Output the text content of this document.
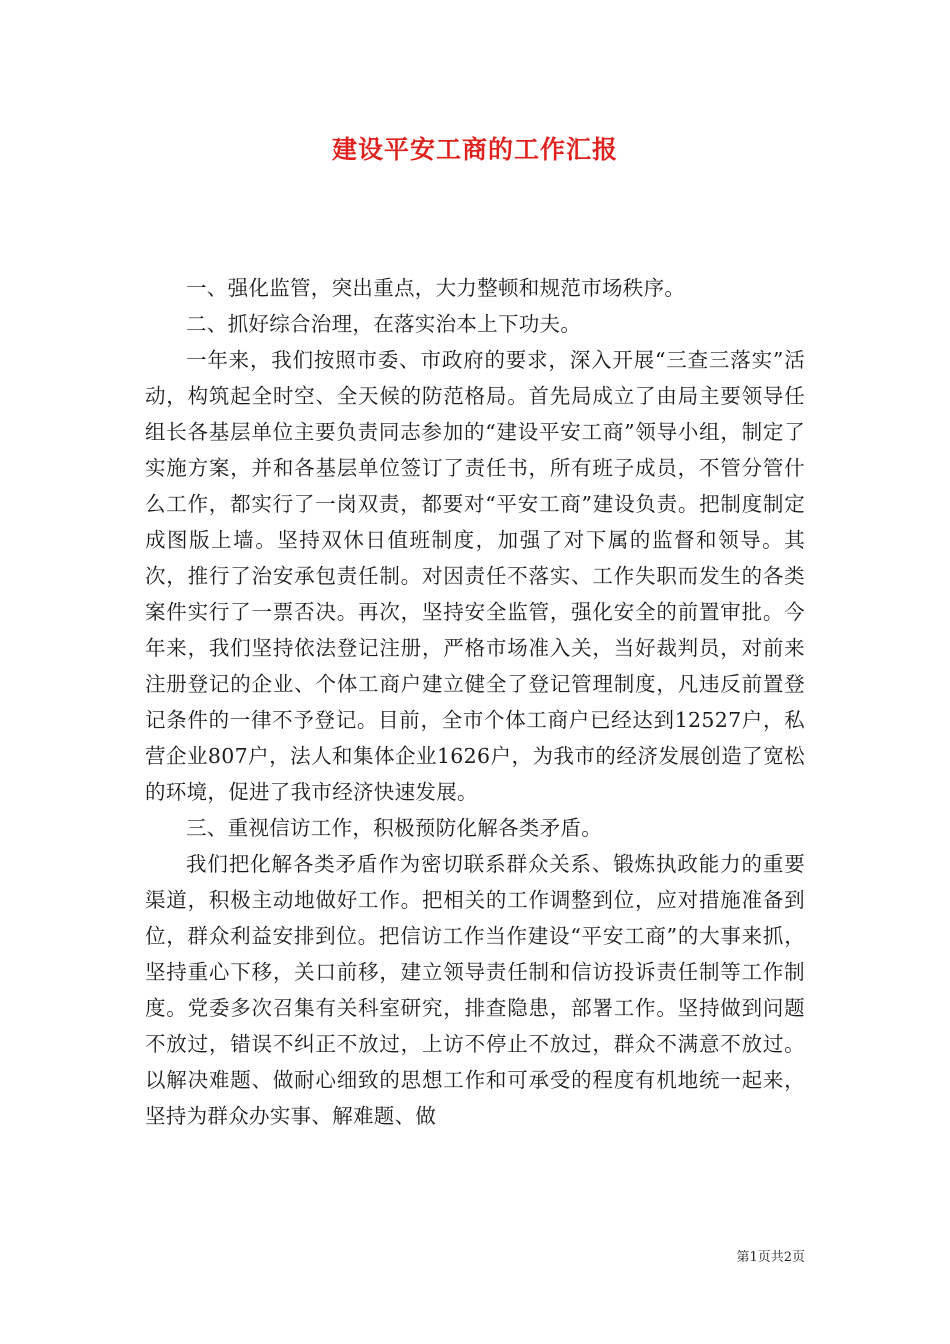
建设平安工商的工作汇报

一、强化监管，突出重点，大力整顿和规范市场秩序。

二、抓好综合治理，在落实治本上下功夫。

一年来，我们按照市委、市政府的要求，深入开展“三查三落实”活动，构筑起全时空、全天候的防范格局。首先局成立了由局主要领导任组长各基层单位主要负责同志参加的“建设平安工商”领导小组，制定了实施方案，并和各基层单位签订了责任书，所有班子成员，不管分管什么工作，都实行了一岗双责，都要对“平安工商”建设负责。把制度制定成图版上墙。坚持双休日值班制度，加强了对下属的监督和领导。其次，推行了治安承包责任制。对因责任不落实、工作失职而发生的各类案件实行了一票否决。再次，坚持安全监管，强化安全的前置审批。今年来，我们坚持依法登记注册，严格市场准入关，当好裁判员，对前来注册登记的企业、个体工商户建立健全了登记管理制度，凡违反前置登记条件的一律不予登记。目前，全市个体工商户已经达到12527户，私营企业807户，法人和集体企业1626户，为我市的经济发展创造了宽松的环境，促进了我市经济快速发展。

三、重视信访工作，积极预防化解各类矛盾。

我们把化解各类矛盾作为密切联系群众关系、锻炼执政能力的重要渠道，积极主动地做好工作。把相关的工作调整到位，应对措施准备到位，群众利益安排到位。把信访工作当作建设“平安工商”的大事来抓，坚持重心下移，关口前移，建立领导责任制和信访投诉责任制等工作制度。党委多次召集有关科室研究，排查隐患，部署工作。坚持做到问题不放过，错误不纠正不放过，上访不停止不放过，群众不满意不放过。以解决难题、做耐心细致的思想工作和可承受的程度有机地统一起来，坚持为群众办实事、解难题、做

第1页共2页
